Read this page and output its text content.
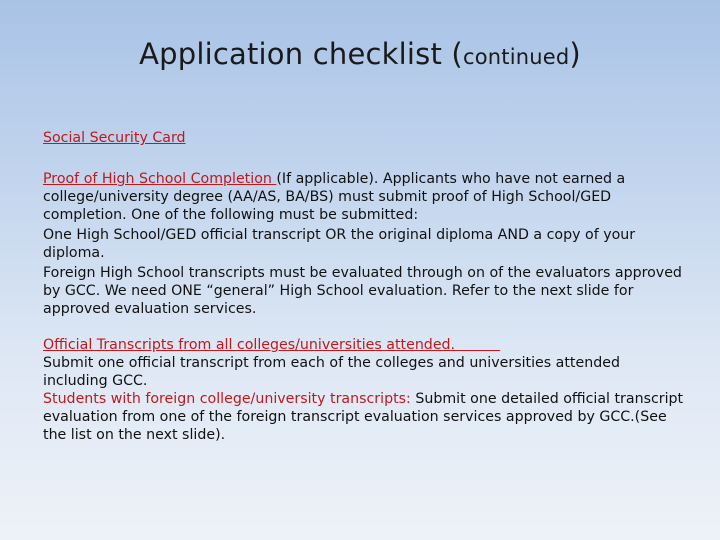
Application checklist (continued)

Social Security Card

Proof of High School Completion (If applicable). Applicants who have not earned a college/university degree (AA/AS, BA/BS) must submit proof of High School/GED completion. One of the following must be submitted:

One High School/GED official transcript OR the original diploma AND a copy of your diploma.

Foreign High School transcripts must be evaluated through on of the evaluators approved by GCC. We need ONE “general” High School evaluation. Refer to the next slide for approved evaluation services.

Official Transcripts from all colleges/universities attended.

Submit one official transcript from each of the colleges and universities attended including GCC.

Students with foreign college/university transcripts: Submit one detailed official transcript evaluation from one of the foreign transcript evaluation services approved by GCC.(See the list on the next slide).
